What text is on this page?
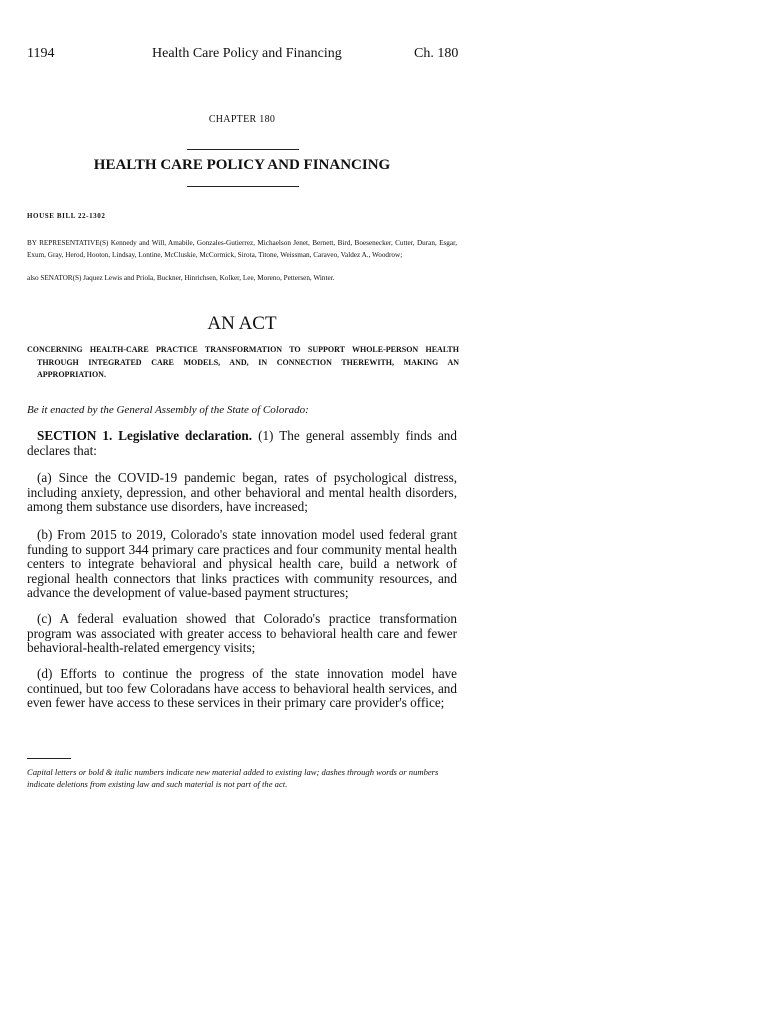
1194	Health Care Policy and Financing	Ch. 180
CHAPTER 180
HEALTH CARE POLICY AND FINANCING
HOUSE BILL 22-1302
BY REPRESENTATIVE(S) Kennedy and Will, Amabile, Gonzales-Gutierrez, Michaelson Jenet, Bernett, Bird, Boesenecker, Cutter, Duran, Esgar, Exum, Gray, Herod, Hooton, Lindsay, Lontine, McCluskie, McCormick, Sirota, Titone, Weissman, Caraveo, Valdez A., Woodrow;
also SENATOR(S) Jaquez Lewis and Priola, Buckner, Hinrichsen, Kolker, Lee, Moreno, Pettersen, Winter.
AN ACT
CONCERNING HEALTH-CARE PRACTICE TRANSFORMATION TO SUPPORT WHOLE-PERSON HEALTH THROUGH INTEGRATED CARE MODELS, AND, IN CONNECTION THEREWITH, MAKING AN APPROPRIATION.
Be it enacted by the General Assembly of the State of Colorado:
SECTION 1. Legislative declaration. (1) The general assembly finds and declares that:
(a) Since the COVID-19 pandemic began, rates of psychological distress, including anxiety, depression, and other behavioral and mental health disorders, among them substance use disorders, have increased;
(b) From 2015 to 2019, Colorado's state innovation model used federal grant funding to support 344 primary care practices and four community mental health centers to integrate behavioral and physical health care, build a network of regional health connectors that links practices with community resources, and advance the development of value-based payment structures;
(c) A federal evaluation showed that Colorado's practice transformation program was associated with greater access to behavioral health care and fewer behavioral-health-related emergency visits;
(d) Efforts to continue the progress of the state innovation model have continued, but too few Coloradans have access to behavioral health services, and even fewer have access to these services in their primary care provider's office;
Capital letters or bold & italic numbers indicate new material added to existing law; dashes through words or numbers indicate deletions from existing law and such material is not part of the act.
